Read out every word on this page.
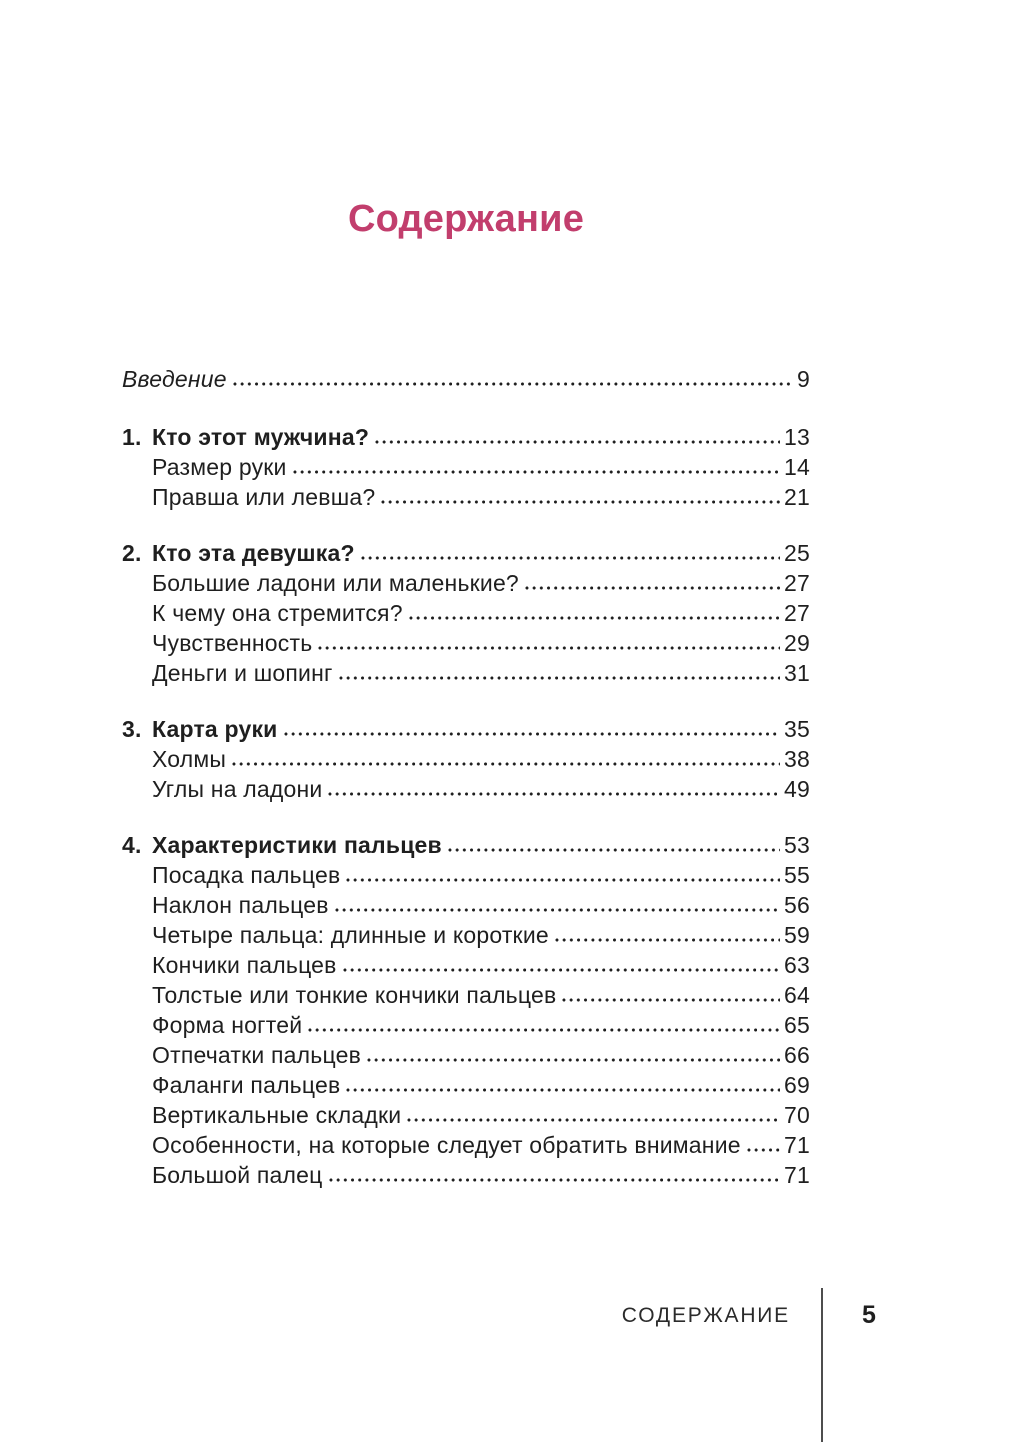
Содержание
Введение	9
1. Кто этот мужчина?	13
Размер руки	14
Правша или левша?	21
2. Кто эта девушка?	25
Большие ладони или маленькие?	27
К чему она стремится?	27
Чувственность	29
Деньги и шопинг	31
3. Карта руки	35
Холмы	38
Углы на ладони	49
4. Характеристики пальцев	53
Посадка пальцев	55
Наклон пальцев	56
Четыре пальца: длинные и короткие	59
Кончики пальцев	63
Толстые или тонкие кончики пальцев	64
Форма ногтей	65
Отпечатки пальцев	66
Фаланги пальцев	69
Вертикальные складки	70
Особенности, на которые следует обратить внимание 71
Большой палец	71
СОДЕРЖАНИЕ	5
